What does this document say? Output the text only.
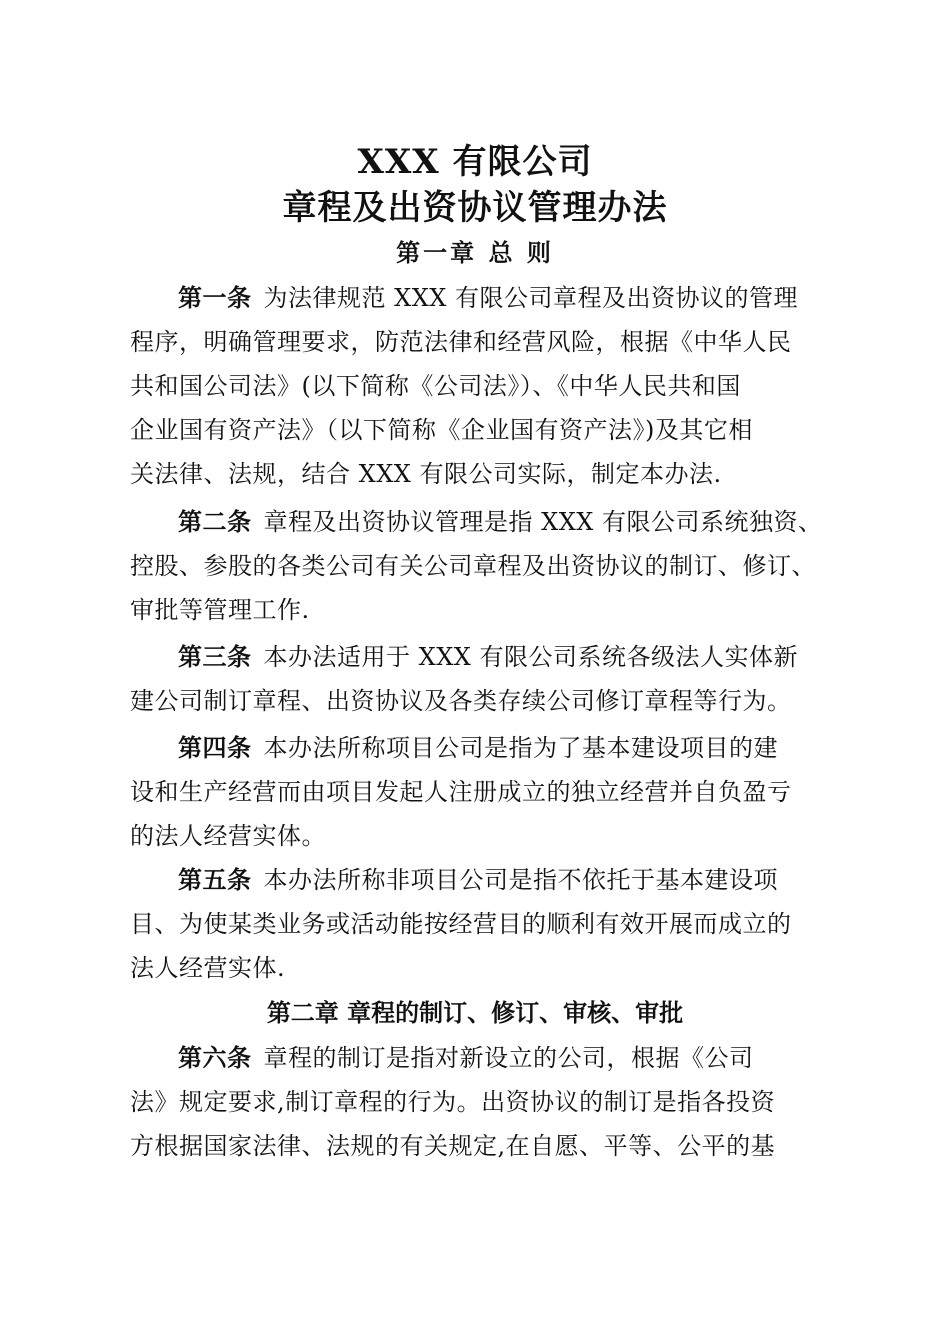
XXX 有限公司
章程及出资协议管理办法
第一章 总 则
第一条 为法律规范 XXX 有限公司章程及出资协议的管理
程序，明确管理要求，防范法律和经营风险，根据《中华人民
共和国公司法》(以下简称《公司法》）、《中华人民共和国
企业国有资产法》（以下简称《企业国有资产法》)及其它相
关法律、法规，结合 XXX 有限公司实际，制定本办法.
第二条 章程及出资协议管理是指 XXX 有限公司系统独资、
控股、参股的各类公司有关公司章程及出资协议的制订、修订、
审批等管理工作.
第三条 本办法适用于 XXX 有限公司系统各级法人实体新
建公司制订章程、出资协议及各类存续公司修订章程等行为。
第四条 本办法所称项目公司是指为了基本建设项目的建
设和生产经营而由项目发起人注册成立的独立经营并自负盈亏
的法人经营实体。
第五条 本办法所称非项目公司是指不依托于基本建设项
目、为使某类业务或活动能按经营目的顺利有效开展而成立的
法人经营实体.
第二章 章程的制订、修订、审核、审批
第六条 章程的制订是指对新设立的公司，根据《公司
法》规定要求,制订章程的行为。出资协议的制订是指各投资
方根据国家法律、法规的有关规定,在自愿、平等、公平的基
